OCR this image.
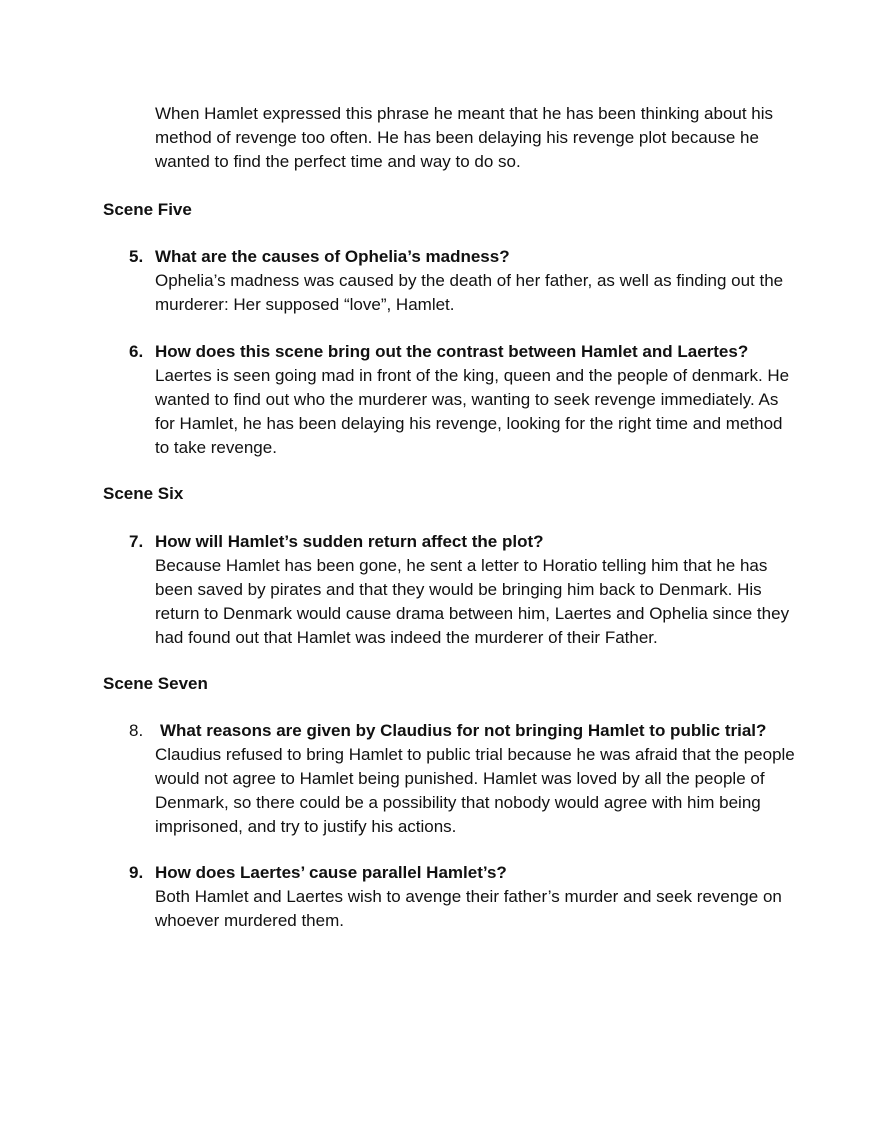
When Hamlet expressed this phrase he meant that he has been thinking about his method of revenge too often. He has been delaying his revenge plot because he wanted to find the perfect time and way to do so.

Scene Five

5. What are the causes of Ophelia’s madness?

Ophelia’s madness was caused by the death of her father, as well as finding out the murderer: Her supposed “love”, Hamlet.

6. How does this scene bring out the contrast between Hamlet and Laertes?

Laertes is seen going mad in front of the king, queen and the people of denmark. He wanted to find out who the murderer was, wanting to seek revenge immediately. As for Hamlet, he has been delaying his revenge, looking for the right time and method to take revenge.

Scene Six

7. How will Hamlet’s sudden return affect the plot?

Because Hamlet has been gone, he sent a letter to Horatio telling him that he has been saved by pirates and that they would be bringing him back to Denmark. His return to Denmark would cause drama between him, Laertes and Ophelia since they had found out that Hamlet was indeed the murderer of their Father.

Scene Seven

8. What reasons are given by Claudius for not bringing Hamlet to public trial?

Claudius refused to bring Hamlet to public trial because he was afraid that the people would not agree to Hamlet being punished. Hamlet was loved by all the people of Denmark, so there could be a possibility that nobody would agree with him being imprisoned, and try to justify his actions.

9. How does Laertes’ cause parallel Hamlet’s?

Both Hamlet and Laertes wish to avenge their father’s murder and seek revenge on whoever murdered them.
